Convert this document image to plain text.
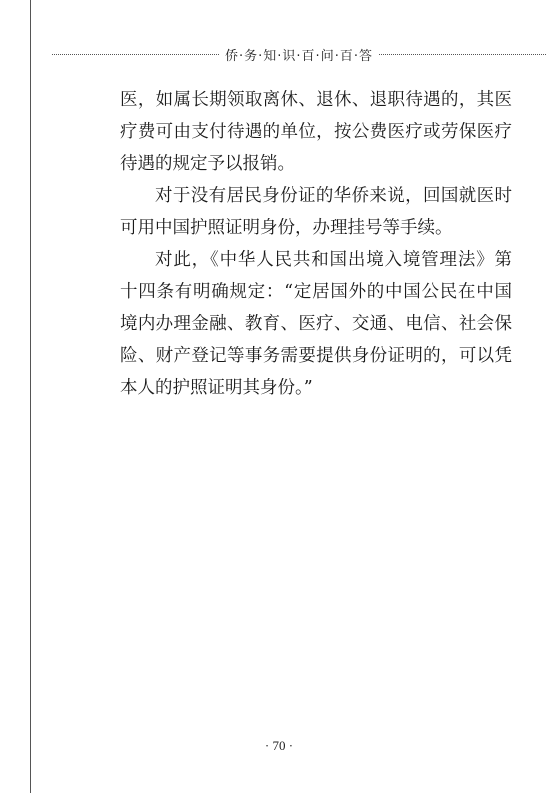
侨·务·知·识·百·问·百·答

医，如属长期领取离休、退休、退职待遇的，其医疗费可由支付待遇的单位，按公费医疗或劳保医疗待遇的规定予以报销。

对于没有居民身份证的华侨来说，回国就医时可用中国护照证明身份，办理挂号等手续。

对此，《中华人民共和国出境入境管理法》第十四条有明确规定：“定居国外的中国公民在中国境内办理金融、教育、医疗、交通、电信、社会保险、财产登记等事务需要提供身份证明的，可以凭本人的护照证明其身份。”

· 70 ·
